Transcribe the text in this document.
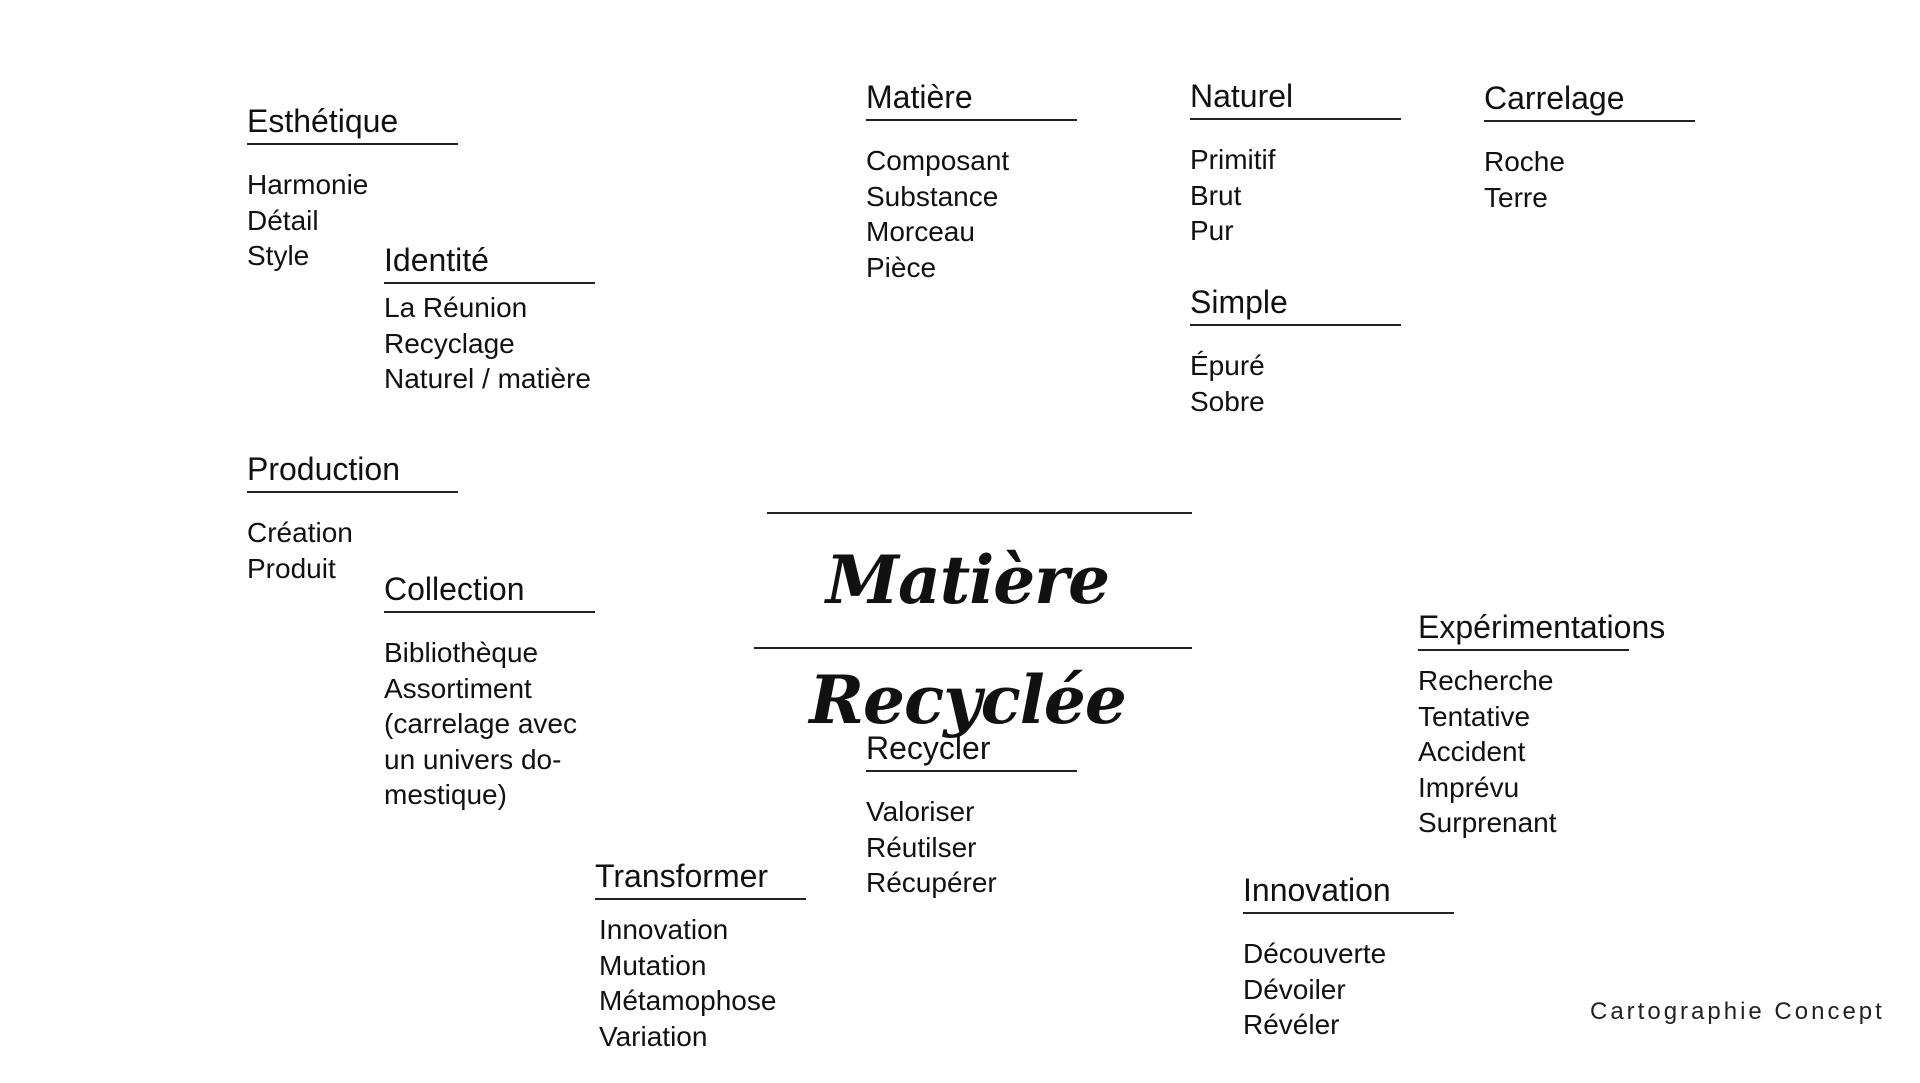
Matière Recyclée
Esthétique
Harmonie
Détail
Style	Identité
La Réunion
Recyclage
Naturel / matière
Production
Création
Produit
Collection
Bibliothèque
Assortiment
(carrelage avec
un univers do-
mestique)
Transformer
Innovation
Mutation
Métamophose
Variation
Matière
Composant
Substance
Morceau
Pièce
Recycler
Valoriser
Réutilser
Récupérer
Naturel
Primitif
Brut
Pur
Simple
Épuré
Sobre
Carrelage
Roche
Terre
Expérimentations
Recherche
Tentative
Accident
Imprévu
Surprenant
Innovation
Découverte
Dévoiler
Révéler	Cartographie Concept
